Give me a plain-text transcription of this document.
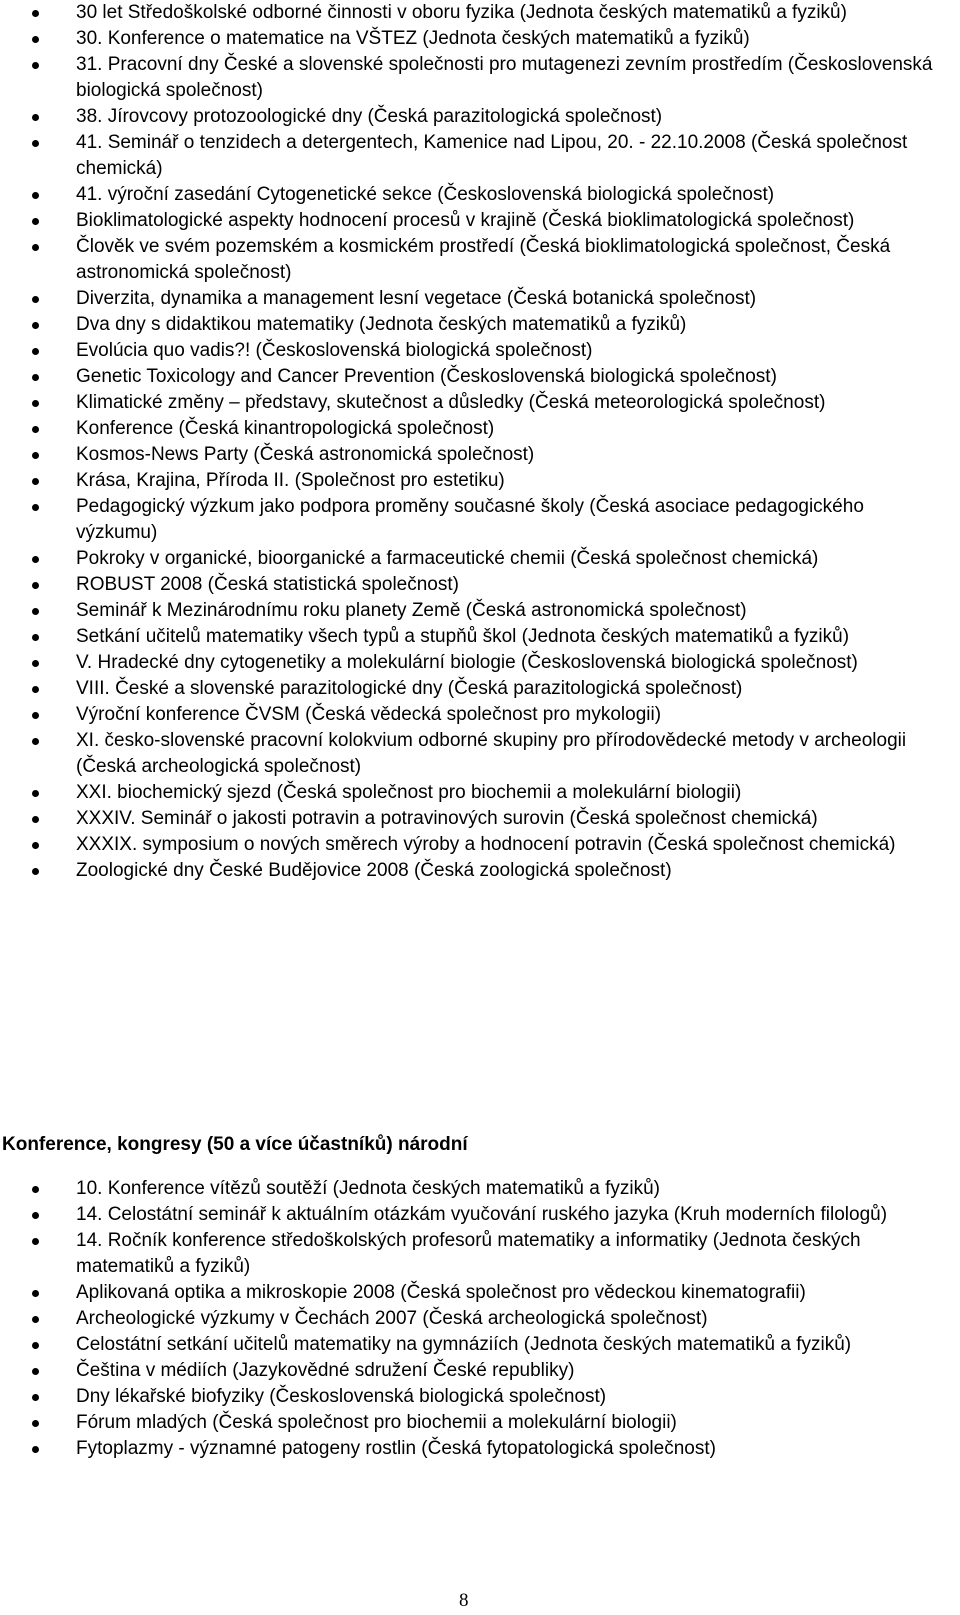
30 let Středoškolské odborné činnosti v oboru fyzika (Jednota českých matematiků a fyziků)
30. Konference o matematice na VŠTEZ (Jednota českých matematiků a fyziků)
31. Pracovní dny České a slovenské společnosti pro mutagenezi zevním prostředím (Československá biologická společnost)
38. Jírovcovy protozoologické dny (Česká parazitologická společnost)
41. Seminář o tenzidech a detergentech, Kamenice nad Lipou, 20. - 22.10.2008 (Česká společnost chemická)
41. výroční zasedání Cytogenetické sekce (Československá biologická společnost)
Bioklimatologické aspekty hodnocení procesů v krajině (Česká bioklimatologická společnost)
Člověk ve svém pozemském a kosmickém prostředí (Česká bioklimatologická společnost, Česká astronomická společnost)
Diverzita, dynamika a management lesní vegetace (Česká botanická společnost)
Dva dny s didaktikou matematiky (Jednota českých matematiků a fyziků)
Evolúcia quo vadis?! (Československá biologická společnost)
Genetic Toxicology and Cancer Prevention (Československá biologická společnost)
Klimatické změny – představy, skutečnost a důsledky (Česká meteorologická společnost)
Konference (Česká kinantropologická společnost)
Kosmos-News Party (Česká astronomická společnost)
Krása, Krajina, Příroda II. (Společnost pro estetiku)
Pedagogický výzkum jako podpora proměny současné školy (Česká asociace pedagogického výzkumu)
Pokroky v organické, bioorganické a farmaceutické chemii (Česká společnost chemická)
ROBUST 2008 (Česká statistická společnost)
Seminář k Mezinárodnímu roku planety Země (Česká astronomická společnost)
Setkání učitelů matematiky všech typů a stupňů škol (Jednota českých matematiků a fyziků)
V. Hradecké dny cytogenetiky a molekulární biologie (Československá biologická společnost)
VIII. České a slovenské parazitologické dny (Česká parazitologická společnost)
Výroční konference ČVSM (Česká vědecká společnost pro mykologii)
XI. česko-slovenské pracovní kolokvium odborné skupiny pro přírodovědecké metody v archeologii (Česká archeologická společnost)
XXI. biochemický sjezd (Česká společnost pro biochemii a molekulární biologii)
XXXIV. Seminář o jakosti potravin a potravinových surovin (Česká společnost chemická)
XXXIX. symposium o nových směrech výroby a hodnocení potravin (Česká společnost chemická)
Zoologické dny České Budějovice 2008 (Česká zoologická společnost)
Konference, kongresy (50 a více účastníků) národní
10. Konference vítězů soutěží (Jednota českých matematiků a fyziků)
14. Celostátní seminář k aktuálním otázkám vyučování ruského jazyka (Kruh moderních filologů)
14. Ročník konference středoškolských profesorů matematiky a informatiky (Jednota českých matematiků a fyziků)
Aplikovaná optika a mikroskopie 2008 (Česká společnost pro vědeckou kinematografii)
Archeologické výzkumy v Čechách 2007 (Česká archeologická společnost)
Celostátní setkání učitelů matematiky na gymnáziích (Jednota českých matematiků a fyziků)
Čeština v médiích (Jazykovědné sdružení České republiky)
Dny lékařské biofyziky (Československá biologická společnost)
Fórum mladých (Česká společnost pro biochemii a molekulární biologii)
Fytoplazmy - významné patogeny rostlin (Česká fytopatologická společnost)
8
